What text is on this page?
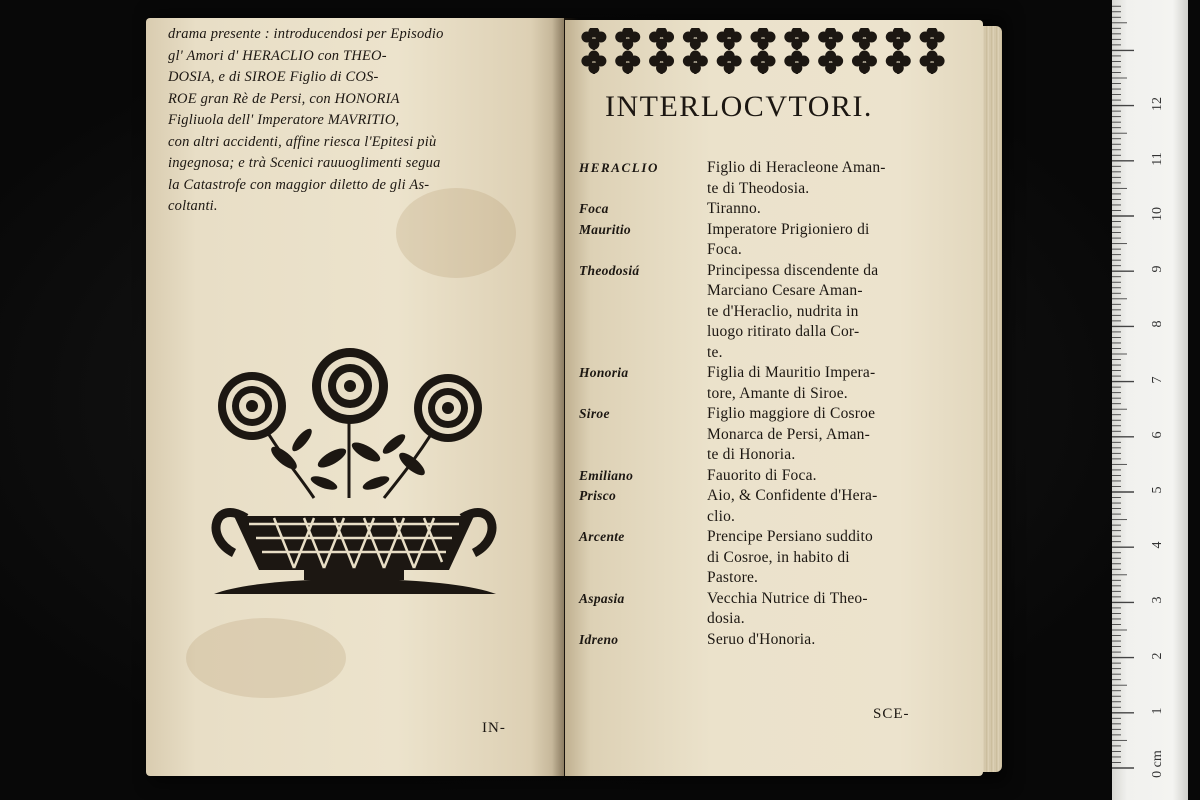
drama presente : introducendosi per Episodio
gl' Amori d' HERACLIO con THEO-
DOSIA, e di SIROE Figlio di COS-
ROE gran Rè de Persi, con HONORIA
Figliuola dell' Imperatore MAVRITIO,
con altri accidenti, affine riesca l'Epitesi più
ingegnosa; e trà Scenici rauuoglimenti segua
la Catastrofe con maggior diletto de gli As-
coltanti.
IN-
INTERLOCVTORI.
HERACLIO	Figlio di Heracleone Aman-
te di Theodosia.
Foca	Tiranno.
Mauritio	Imperatore Prigioniero di
Foca.
Theodosiá	Principessa discendente da
Marciano Cesare Aman-
te d'Heraclio, nudrita in
luogo ritirato dalla Cor-
te.
Honoria	Figlia di Mauritio Impera-
tore, Amante di Siroe.
Siroe	Figlio maggiore di Cosroe
Monarca de Persi, Aman-
te di Honoria.
Emiliano	Fauorito di Foca.
Prisco	Aio, & Confidente d'Hera-
clio.
Arcente	Prencipe Persiano suddito
di Cosroe, in habito di
Pastore.
Aspasia	Vecchia Nutrice di Theo-
dosia.
Idreno	Seruo d'Honoria.
SCE-
0 cm
1
2
3
4
5
6
7
8
9
10
11
12
